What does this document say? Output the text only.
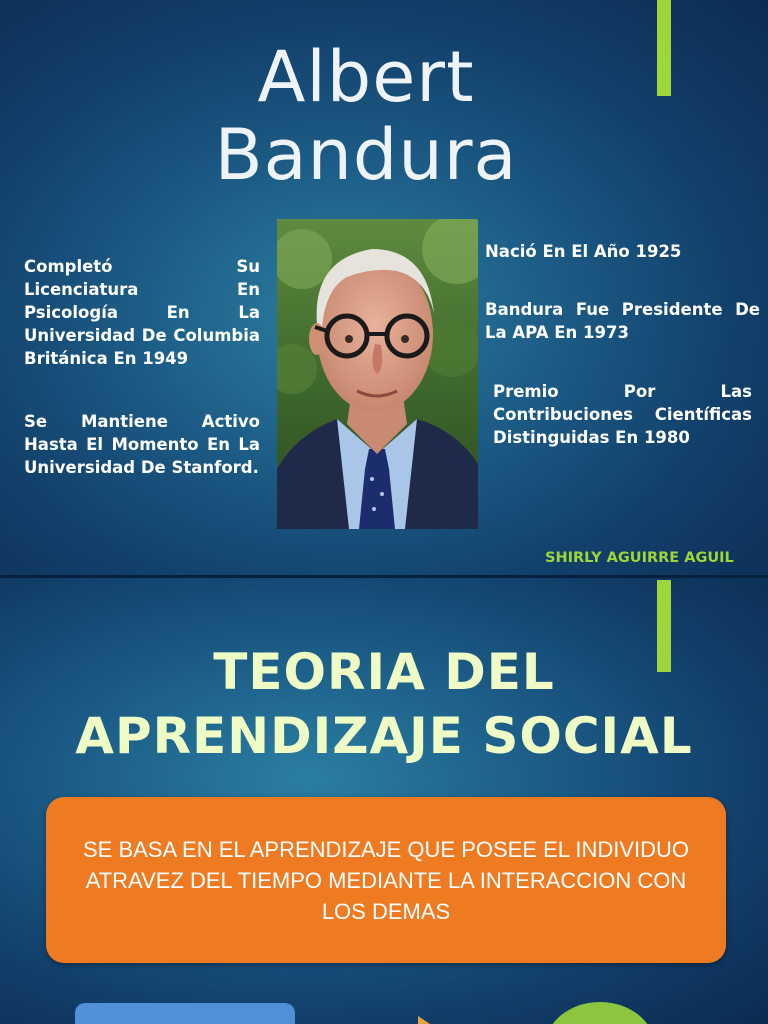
Albert
Bandura
Completó Su Licenciatura En Psicología En La Universidad De Columbia Británica En 1949
Se Mantiene Activo Hasta El Momento En La Universidad De Stanford.
Nació En El Año 1925
Bandura Fue Presidente De La APA En 1973
Premio Por Las Contribuciones Científicas Distinguidas En 1980
SHIRLY AGUIRRE AGUIL
TEORIA DEL
APRENDIZAJE SOCIAL

SE BASA EN EL APRENDIZAJE QUE POSEE EL INDIVIDUO ATRAVEZ DEL TIEMPO MEDIANTE LA INTERACCION CON LOS DEMAS
